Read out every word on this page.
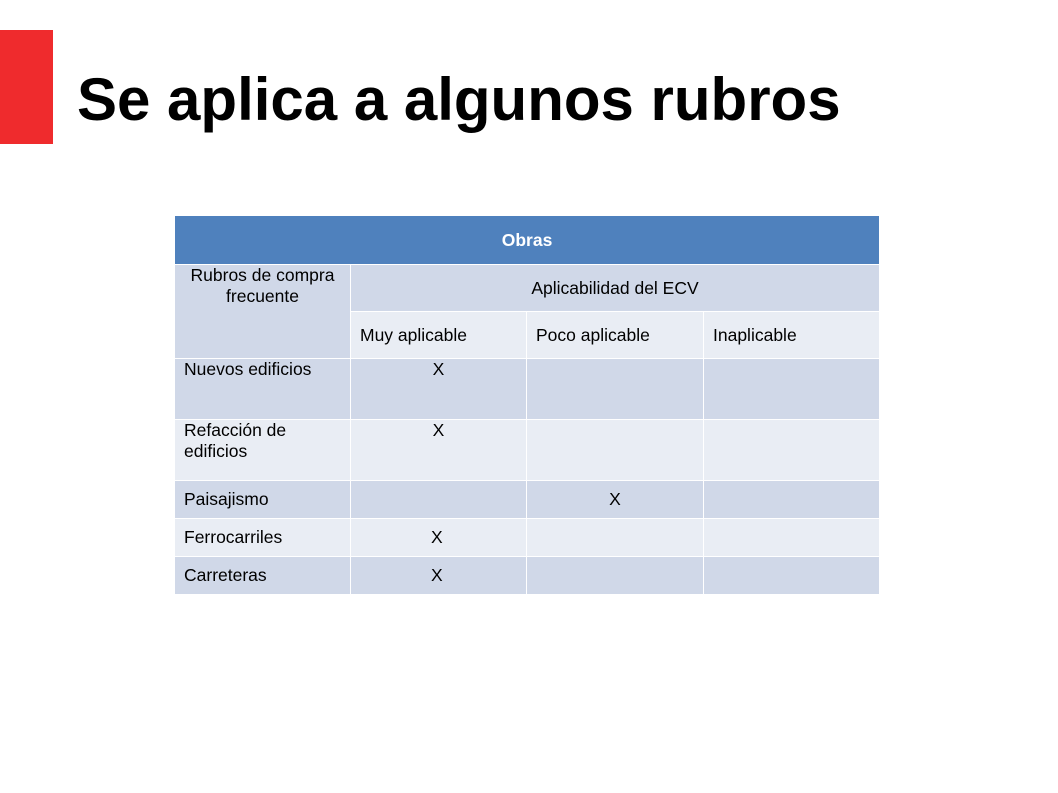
Se aplica a algunos rubros
Obras			
Rubros de compra frecuente	Aplicabilidad del ECV		
	Muy aplicable	Poco aplicable	Inaplicable
Nuevos edificios	X		
Refacción de edificios	X		
Paisajismo		X	
Ferrocarriles	X		
Carreteras	X		
